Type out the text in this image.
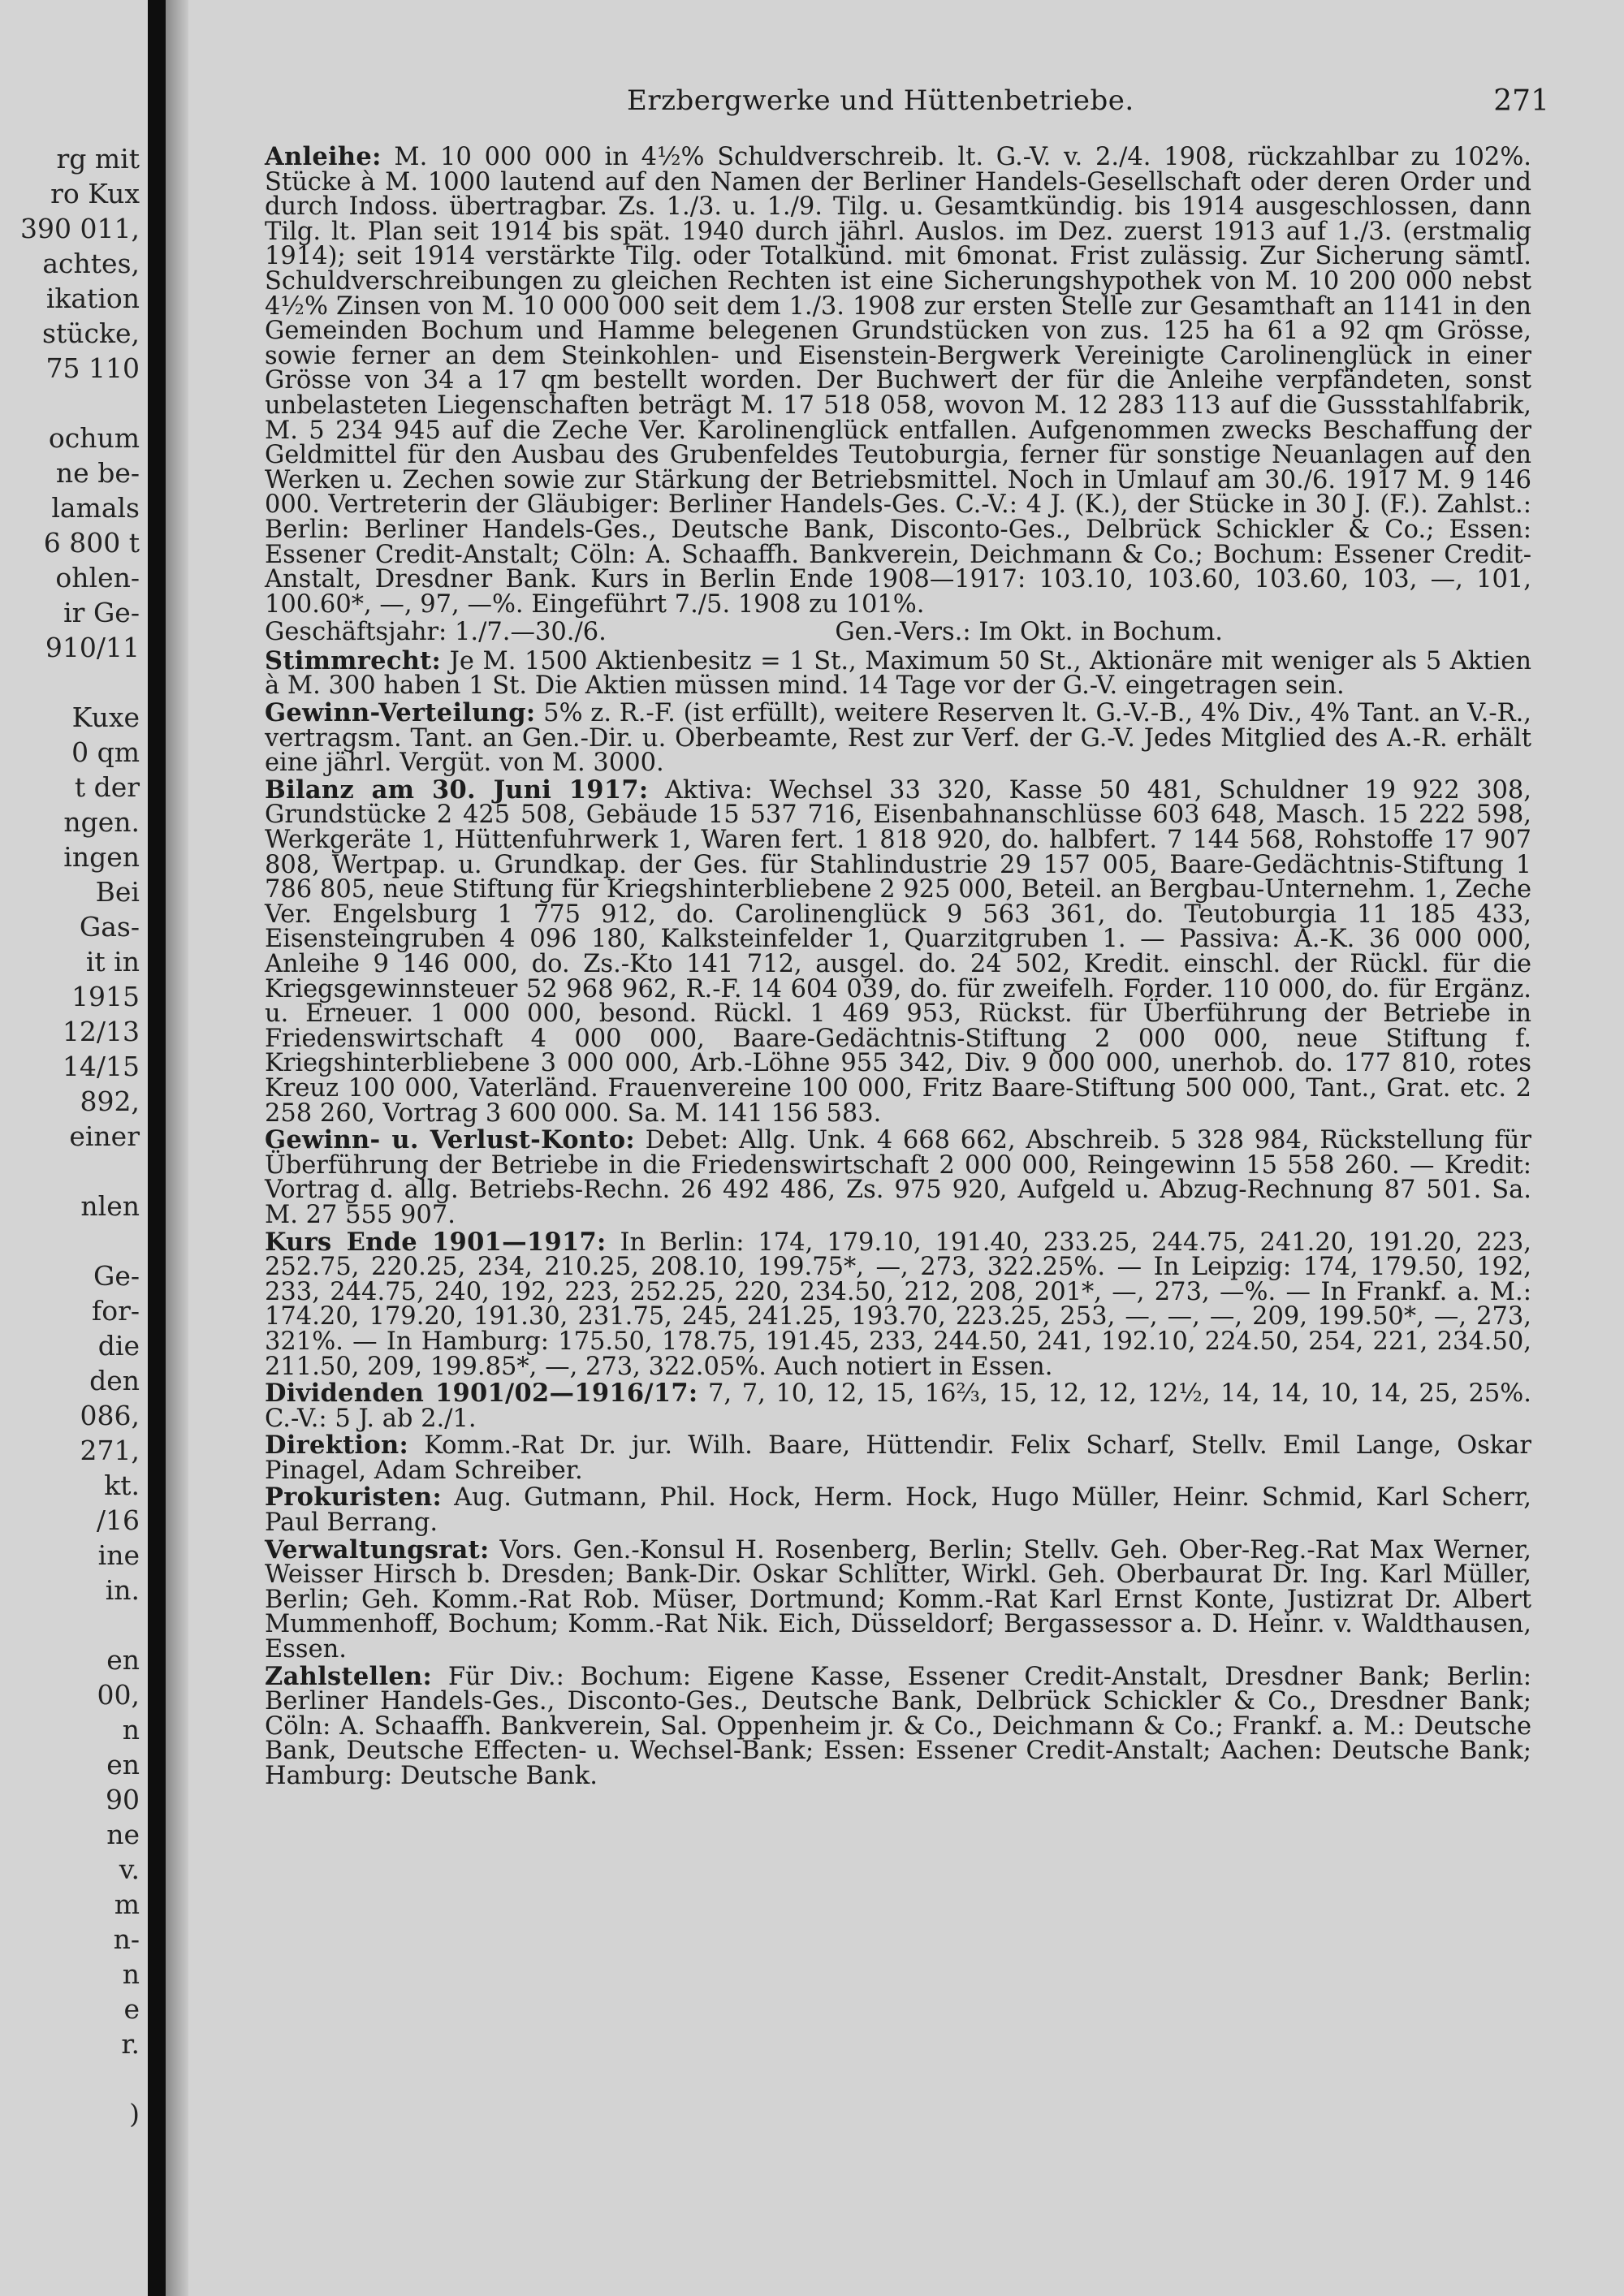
rg mit
ro Kux
390 011,
achtes,
ikation
stücke,
75 110
ochum
ne be-
lamals
6 800 t
ohlen-
ir Ge-
910/11
Kuxe
0 qm
t der
ngen.
ingen
Bei
Gas-
it in
1915
12/13
14/15
892,
einer
nlen
Ge-
for-
die
den
086,
271,
kt.
/16
ine
in.
en
00,
n
en
90
ne
v.
m
n-
n
e
r.
)
Erzbergwerke und Hüttenbetriebe.	271

Anleihe: M. 10 000 000 in 4½% Schuldverschreib. lt. G.-V. v. 2./4. 1908, rückzahlbar zu 102%. Stücke à M. 1000 lautend auf den Namen der Berliner Handels-Gesellschaft oder deren Order und durch Indoss. übertragbar. Zs. 1./3. u. 1./9. Tilg. u. Gesamtkündig. bis 1914 ausgeschlossen, dann Tilg. lt. Plan seit 1914 bis spät. 1940 durch jährl. Auslos. im Dez. zuerst 1913 auf 1./3. (erstmalig 1914); seit 1914 verstärkte Tilg. oder Totalkünd. mit 6monat. Frist zulässig. Zur Sicherung sämtl. Schuldverschreibungen zu gleichen Rechten ist eine Sicherungshypothek von M. 10 200 000 nebst 4½% Zinsen von M. 10 000 000 seit dem 1./3. 1908 zur ersten Stelle zur Gesamthaft an 1141 in den Gemeinden Bochum und Hamme belegenen Grundstücken von zus. 125 ha 61 a 92 qm Grösse, sowie ferner an dem Steinkohlen- und Eisenstein-Bergwerk Vereinigte Carolinenglück in einer Grösse von 34 a 17 qm bestellt worden. Der Buchwert der für die Anleihe verpfändeten, sonst unbelasteten Liegenschaften beträgt M. 17 518 058, wovon M. 12 283 113 auf die Gussstahlfabrik, M. 5 234 945 auf die Zeche Ver. Karolinenglück entfallen. Aufgenommen zwecks Beschaffung der Geldmittel für den Ausbau des Grubenfeldes Teutoburgia, ferner für sonstige Neuanlagen auf den Werken u. Zechen sowie zur Stärkung der Betriebsmittel. Noch in Umlauf am 30./6. 1917 M. 9 146 000. Vertreterin der Gläubiger: Berliner Handels-Ges. C.-V.: 4 J. (K.), der Stücke in 30 J. (F.). Zahlst.: Berlin: Berliner Handels-Ges., Deutsche Bank, Disconto-Ges., Delbrück Schickler & Co.; Essen: Essener Credit-Anstalt; Cöln: A. Schaaffh. Bankverein, Deichmann & Co.; Bochum: Essener Credit-Anstalt, Dresdner Bank. Kurs in Berlin Ende 1908—1917: 103.10, 103.60, 103.60, 103, —, 101, 100.60*, —, 97, —%. Eingeführt 7./5. 1908 zu 101%.

Geschäftsjahr: 1./7.—30./6.	Gen.-Vers.: Im Okt. in Bochum.

Stimmrecht: Je M. 1500 Aktienbesitz = 1 St., Maximum 50 St., Aktionäre mit weniger als 5 Aktien à M. 300 haben 1 St. Die Aktien müssen mind. 14 Tage vor der G.-V. eingetragen sein.

Gewinn-Verteilung: 5% z. R.-F. (ist erfüllt), weitere Reserven lt. G.-V.-B., 4% Div., 4% Tant. an V.-R., vertragsm. Tant. an Gen.-Dir. u. Oberbeamte, Rest zur Verf. der G.-V. Jedes Mitglied des A.-R. erhält eine jährl. Vergüt. von M. 3000.

Bilanz am 30. Juni 1917: Aktiva: Wechsel 33 320, Kasse 50 481, Schuldner 19 922 308, Grundstücke 2 425 508, Gebäude 15 537 716, Eisenbahnanschlüsse 603 648, Masch. 15 222 598, Werkgeräte 1, Hüttenfuhrwerk 1, Waren fert. 1 818 920, do. halbfert. 7 144 568, Rohstoffe 17 907 808, Wertpap. u. Grundkap. der Ges. für Stahlindustrie 29 157 005, Baare-Gedächtnis-Stiftung 1 786 805, neue Stiftung für Kriegshinterbliebene 2 925 000, Beteil. an Bergbau-Unternehm. 1, Zeche Ver. Engelsburg 1 775 912, do. Carolinenglück 9 563 361, do. Teutoburgia 11 185 433, Eisensteingruben 4 096 180, Kalksteinfelder 1, Quarzitgruben 1. — Passiva: A.-K. 36 000 000, Anleihe 9 146 000, do. Zs.-Kto 141 712, ausgel. do. 24 502, Kredit. einschl. der Rückl. für die Kriegsgewinnsteuer 52 968 962, R.-F. 14 604 039, do. für zweifelh. Forder. 110 000, do. für Ergänz. u. Erneuer. 1 000 000, besond. Rückl. 1 469 953, Rückst. für Überführung der Betriebe in Friedenswirtschaft 4 000 000, Baare-Gedächtnis-Stiftung 2 000 000, neue Stiftung f. Kriegshinterbliebene 3 000 000, Arb.-Löhne 955 342, Div. 9 000 000, unerhob. do. 177 810, rotes Kreuz 100 000, Vaterländ. Frauenvereine 100 000, Fritz Baare-Stiftung 500 000, Tant., Grat. etc. 2 258 260, Vortrag 3 600 000. Sa. M. 141 156 583.

Gewinn- u. Verlust-Konto: Debet: Allg. Unk. 4 668 662, Abschreib. 5 328 984, Rückstellung für Überführung der Betriebe in die Friedenswirtschaft 2 000 000, Reingewinn 15 558 260. — Kredit: Vortrag d. allg. Betriebs-Rechn. 26 492 486, Zs. 975 920, Aufgeld u. Abzug-Rechnung 87 501. Sa. M. 27 555 907.

Kurs Ende 1901—1917: In Berlin: 174, 179.10, 191.40, 233.25, 244.75, 241.20, 191.20, 223, 252.75, 220.25, 234, 210.25, 208.10, 199.75*, —, 273, 322.25%. — In Leipzig: 174, 179.50, 192, 233, 244.75, 240, 192, 223, 252.25, 220, 234.50, 212, 208, 201*, —, 273, —%. — In Frankf. a. M.: 174.20, 179.20, 191.30, 231.75, 245, 241.25, 193.70, 223.25, 253, —, —, —, 209, 199.50*, —, 273, 321%. — In Hamburg: 175.50, 178.75, 191.45, 233, 244.50, 241, 192.10, 224.50, 254, 221, 234.50, 211.50, 209, 199.85*, —, 273, 322.05%. Auch notiert in Essen.

Dividenden 1901/02—1916/17: 7, 7, 10, 12, 15, 16⅔, 15, 12, 12, 12½, 14, 14, 10, 14, 25, 25%. C.-V.: 5 J. ab 2./1.

Direktion: Komm.-Rat Dr. jur. Wilh. Baare, Hüttendir. Felix Scharf, Stellv. Emil Lange, Oskar Pinagel, Adam Schreiber.

Prokuristen: Aug. Gutmann, Phil. Hock, Herm. Hock, Hugo Müller, Heinr. Schmid, Karl Scherr, Paul Berrang.

Verwaltungsrat: Vors. Gen.-Konsul H. Rosenberg, Berlin; Stellv. Geh. Ober-Reg.-Rat Max Werner, Weisser Hirsch b. Dresden; Bank-Dir. Oskar Schlitter, Wirkl. Geh. Oberbaurat Dr. Ing. Karl Müller, Berlin; Geh. Komm.-Rat Rob. Müser, Dortmund; Komm.-Rat Karl Ernst Konte, Justizrat Dr. Albert Mummenhoff, Bochum; Komm.-Rat Nik. Eich, Düsseldorf; Bergassessor a. D. Heinr. v. Waldthausen, Essen.

Zahlstellen: Für Div.: Bochum: Eigene Kasse, Essener Credit-Anstalt, Dresdner Bank; Berlin: Berliner Handels-Ges., Disconto-Ges., Deutsche Bank, Delbrück Schickler & Co., Dresdner Bank; Cöln: A. Schaaffh. Bankverein, Sal. Oppenheim jr. & Co., Deichmann & Co.; Frankf. a. M.: Deutsche Bank, Deutsche Effecten- u. Wechsel-Bank; Essen: Essener Credit-Anstalt; Aachen: Deutsche Bank; Hamburg: Deutsche Bank.
